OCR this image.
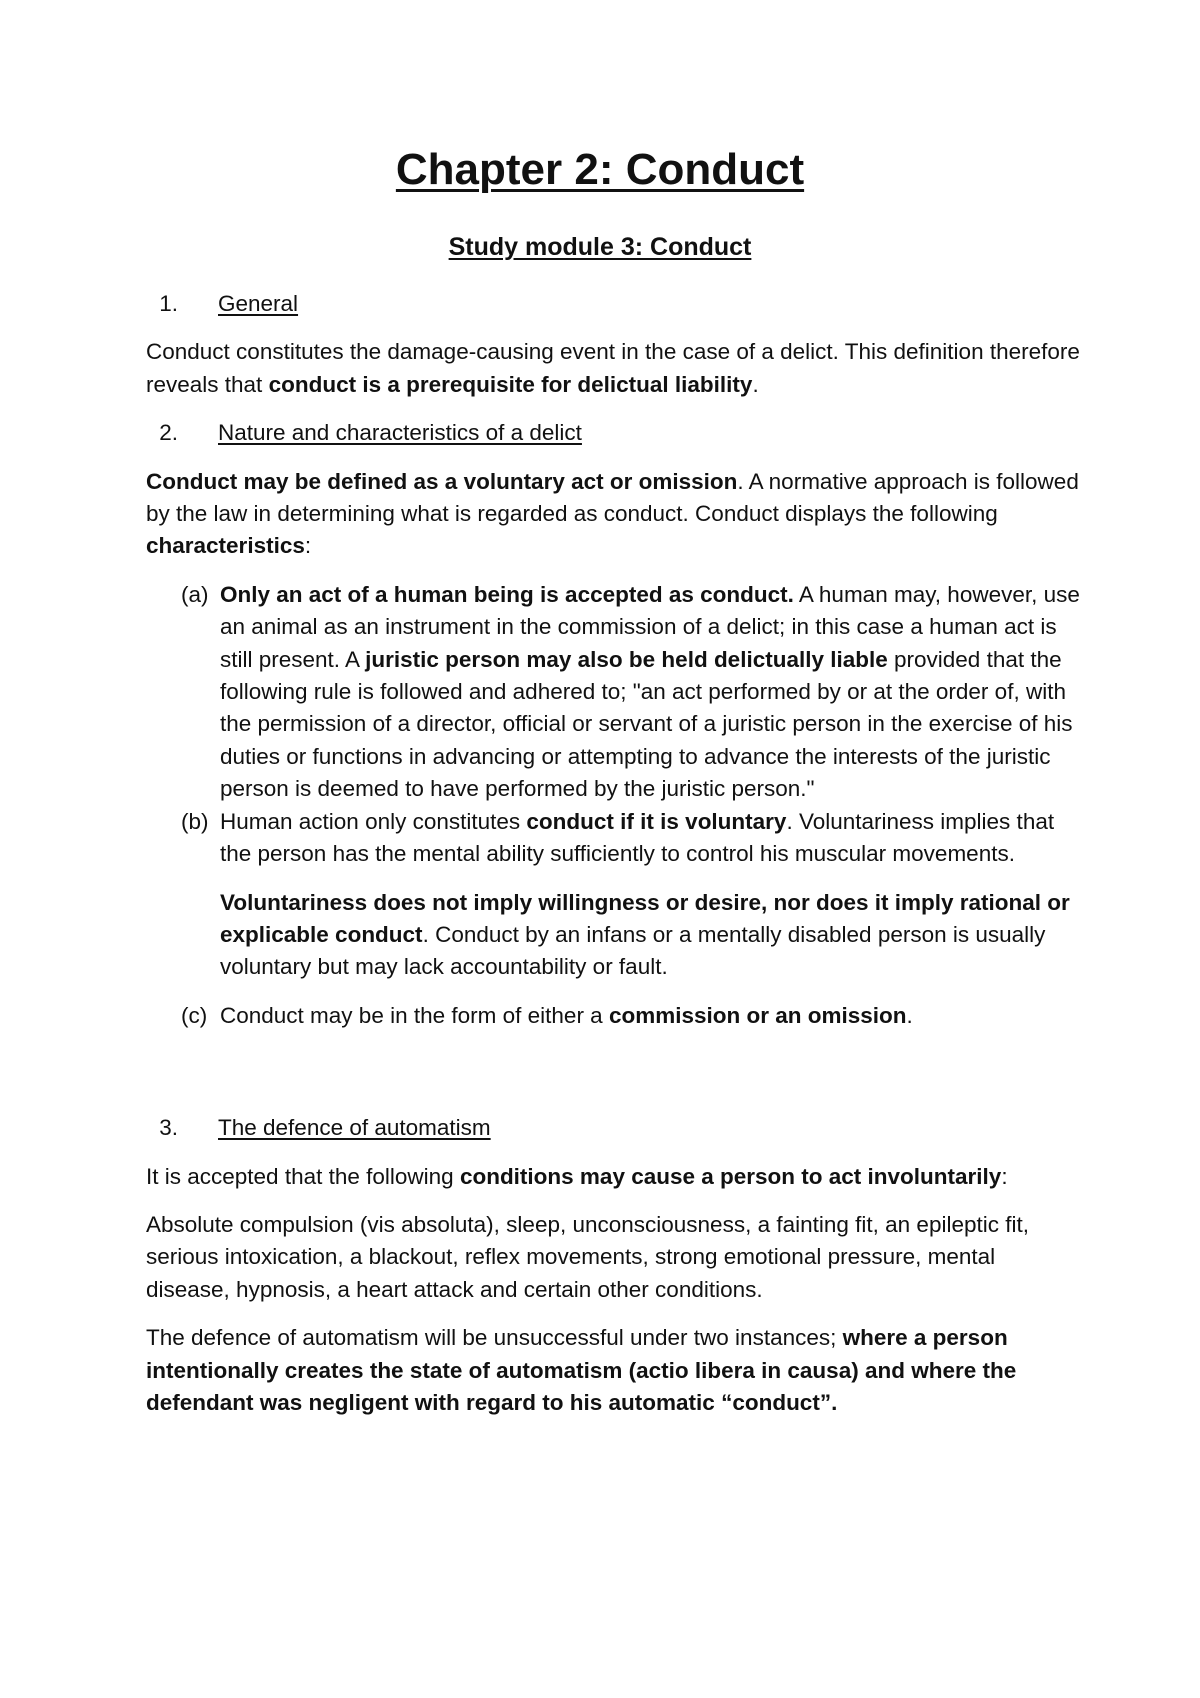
Chapter 2: Conduct
Study module 3: Conduct

1. General

Conduct constitutes the damage-causing event in the case of a delict. This definition therefore reveals that conduct is a prerequisite for delictual liability.

2. Nature and characteristics of a delict

Conduct may be defined as a voluntary act or omission. A normative approach is followed by the law in determining what is regarded as conduct. Conduct displays the following characteristics:

(a) Only an act of a human being is accepted as conduct. A human may, however, use an animal as an instrument in the commission of a delict; in this case a human act is still present. A juristic person may also be held delictually liable provided that the following rule is followed and adhered to; "an act performed by or at the order of, with the permission of a director, official or servant of a juristic person in the exercise of his duties or functions in advancing or attempting to advance the interests of the juristic person is deemed to have performed by the juristic person."

(b) Human action only constitutes conduct if it is voluntary. Voluntariness implies that the person has the mental ability sufficiently to control his muscular movements.

Voluntariness does not imply willingness or desire, nor does it imply rational or explicable conduct. Conduct by an infans or a mentally disabled person is usually voluntary but may lack accountability or fault.

(c) Conduct may be in the form of either a commission or an omission.

3. The defence of automatism

It is accepted that the following conditions may cause a person to act involuntarily:

Absolute compulsion (vis absoluta), sleep, unconsciousness, a fainting fit, an epileptic fit, serious intoxication, a blackout, reflex movements, strong emotional pressure, mental disease, hypnosis, a heart attack and certain other conditions.

The defence of automatism will be unsuccessful under two instances; where a person intentionally creates the state of automatism (actio libera in causa) and where the defendant was negligent with regard to his automatic “conduct”.
